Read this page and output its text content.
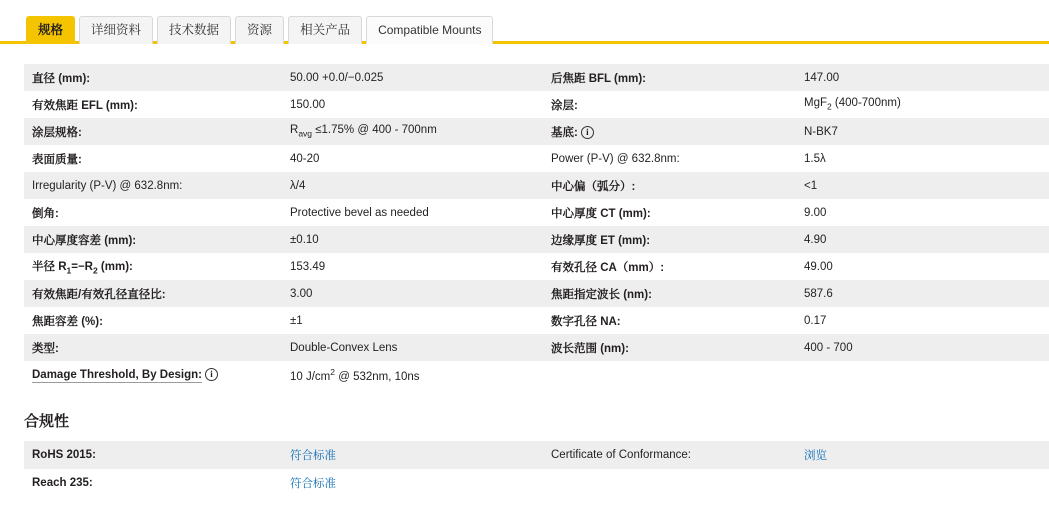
规格	详细资料	技术数据	资源	相关产品	Compatible Mounts
直径 (mm):	50.00 +0.0/−0.025	后焦距 BFL (mm):	147.00
有效焦距 EFL (mm):	150.00	涂层:	MgF$_2$ (400-700nm)
涂层规格:	$R_{avg} \le 1.75\%$ @ 400 - 700nm	基底: i	N-BK7
表面质量:	40-20	Power (P-V) @ 632.8nm:	1.5λ
Irregularity (P-V) @ 632.8nm:	λ/4	中心偏（弧分）:	<1
倒角:	Protective bevel as needed	中心厚度 CT (mm):	9.00
中心厚度容差 (mm):	±0.10	边缘厚度 ET (mm):	4.90
半径 $R_1=-R_2$ (mm):	153.49	有效孔径 CA（mm）:	49.00
有效焦距/有效孔径直径比:	3.00	焦距指定波长 (nm):	587.6
焦距容差 (%):	±1	数字孔径 NA:	0.17
类型:	Double-Convex Lens	波长范围 (nm):	400 - 700
Damage Threshold, By Design: i	10 $J/cm^2$ @ 532nm, 10ns		
合规性
RoHS 2015:	符合标准	Certificate of Conformance:	浏览
Reach 235:	符合标准		
